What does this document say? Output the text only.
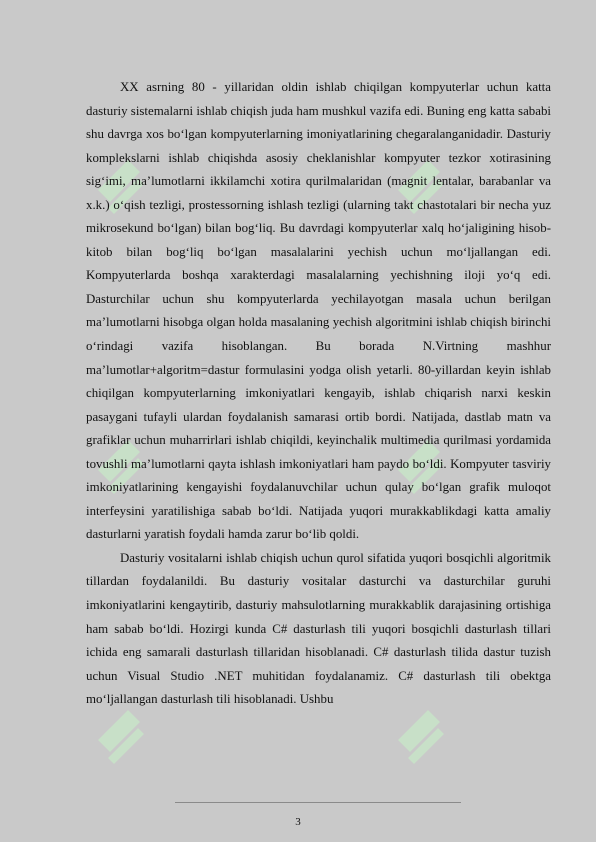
XX asrning 80 - yillaridan oldin ishlab chiqilgan kompyuterlar uchun katta dasturiy sistemalarni ishlab chiqish juda ham mushkul vazifa edi. Buning eng katta sababi shu davrga xos bo‘lgan kompyuterlarning imoniyatlarining chegaralanganidadir. Dasturiy komplekslarni ishlab chiqishda asosiy cheklanishlar kompyuter tezkor xotirasining sig‘imi, ma’lumotlarni ikkilamchi xotira qurilmalaridan (magnit lentalar, barabanlar va x.k.) o‘qish tezligi, prostessorning ishlash tezligi (ularning takt chastotalari bir necha yuz mikrosekund bo‘lgan) bilan bog‘liq. Bu davrdagi kompyuterlar xalq ho‘jaligining hisob-kitob bilan bog‘liq bo‘lgan masalalarini yechish uchun mo‘ljallangan edi. Kompyuterlarda boshqa xarakterdagi masalalarning yechishning iloji yo‘q edi. Dasturchilar uchun shu kompyuterlarda yechilayotgan masala uchun berilgan ma’lumotlarni hisobga olgan holda masalaning yechish algoritmini ishlab chiqish birinchi o‘rindagi vazifa hisoblangan. Bu borada N.Virtning mashhur ma’lumotlar+algoritm=dastur formulasini yodga olish yetarli. 80-yillardan keyin ishlab chiqilgan kompyuterlarning imkoniyatlari kengayib, ishlab chiqarish narxi keskin pasaygani tufayli ulardan foydalanish samarasi ortib bordi. Natijada, dastlab matn va grafiklar uchun muharrirlari ishlab chiqildi, keyinchalik multimedia qurilmasi yordamida tovushli ma’lumotlarni qayta ishlash imkoniyatlari ham paydo bo‘ldi. Kompyuter tasviriy imkoniyatlarining kengayishi foydalanuvchilar uchun qulay bo‘lgan grafik muloqot interfeysini yaratilishiga sabab bo‘ldi. Natijada yuqori murakkablikdagi katta amaliy dasturlarni yaratish foydali hamda zarur bo‘lib qoldi.

Dasturiy vositalarni ishlab chiqish uchun qurol sifatida yuqori bosqichli algoritmik tillardan foydalanildi. Bu dasturiy vositalar dasturchi va dasturchilar guruhi imkoniyatlarini kengaytirib, dasturiy mahsulotlarning murakkablik darajasining ortishiga ham sabab bo‘ldi. Hozirgi kunda C# dasturlash tili yuqori bosqichli dasturlash tillari ichida eng samarali dasturlash tillaridan hisoblanadi. C# dasturlash tilida dastur tuzish uchun Visual Studio .NET muhitidan foydalanamiz. C# dasturlash tili obektga mo‘ljallangan dasturlash tili hisoblanadi. Ushbu

3
